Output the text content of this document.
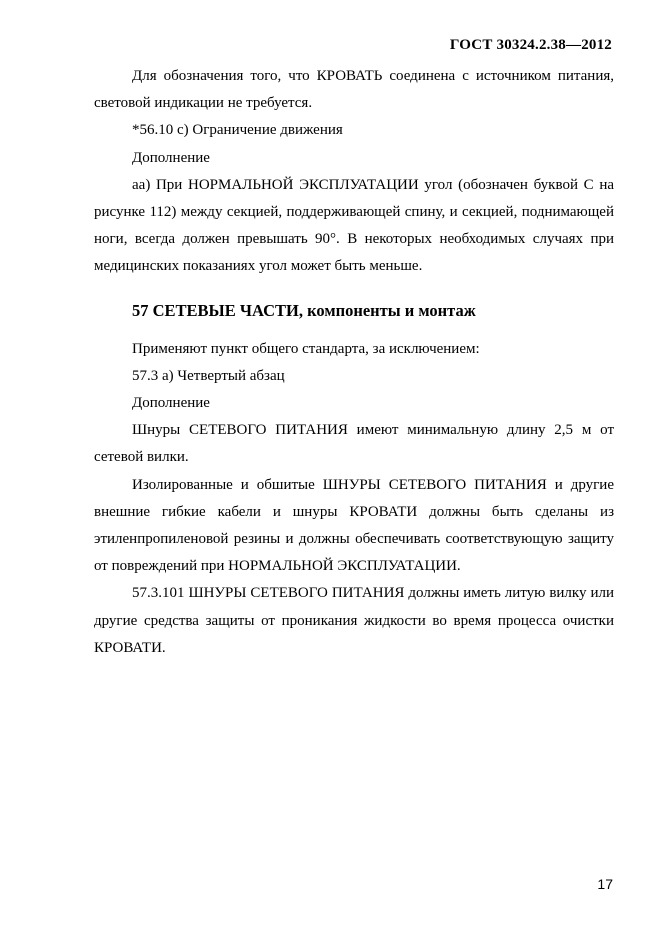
ГОСТ 30324.2.38—2012

Для обозначения того, что КРОВАТЬ соединена с источником питания, световой индикации не требуется.

*56.10 с) Ограничение движения

Дополнение

аа) При НОРМАЛЬНОЙ ЭКСПЛУАТАЦИИ угол (обозначен буквой С на рисунке 112) между секцией, поддерживающей спину, и секцией, поднимающей ноги, всегда должен превышать 90°. В некоторых необходимых случаях при медицинских показаниях угол может быть меньше.

57 СЕТЕВЫЕ ЧАСТИ, компоненты и монтаж

Применяют пункт общего стандарта, за исключением:

57.3 а) Четвертый абзац

Дополнение

Шнуры СЕТЕВОГО ПИТАНИЯ имеют минимальную длину 2,5 м от сетевой вилки.

Изолированные и обшитые ШНУРЫ СЕТЕВОГО ПИТАНИЯ и другие внешние гибкие кабели и шнуры КРОВАТИ должны быть сделаны из этиленпропиленовой резины и должны обеспечивать соответствующую защиту от повреждений при НОРМАЛЬНОЙ ЭКСПЛУАТАЦИИ.

57.3.101 ШНУРЫ СЕТЕВОГО ПИТАНИЯ должны иметь литую вилку или другие средства защиты от проникания жидкости во время процесса очистки КРОВАТИ.

17
